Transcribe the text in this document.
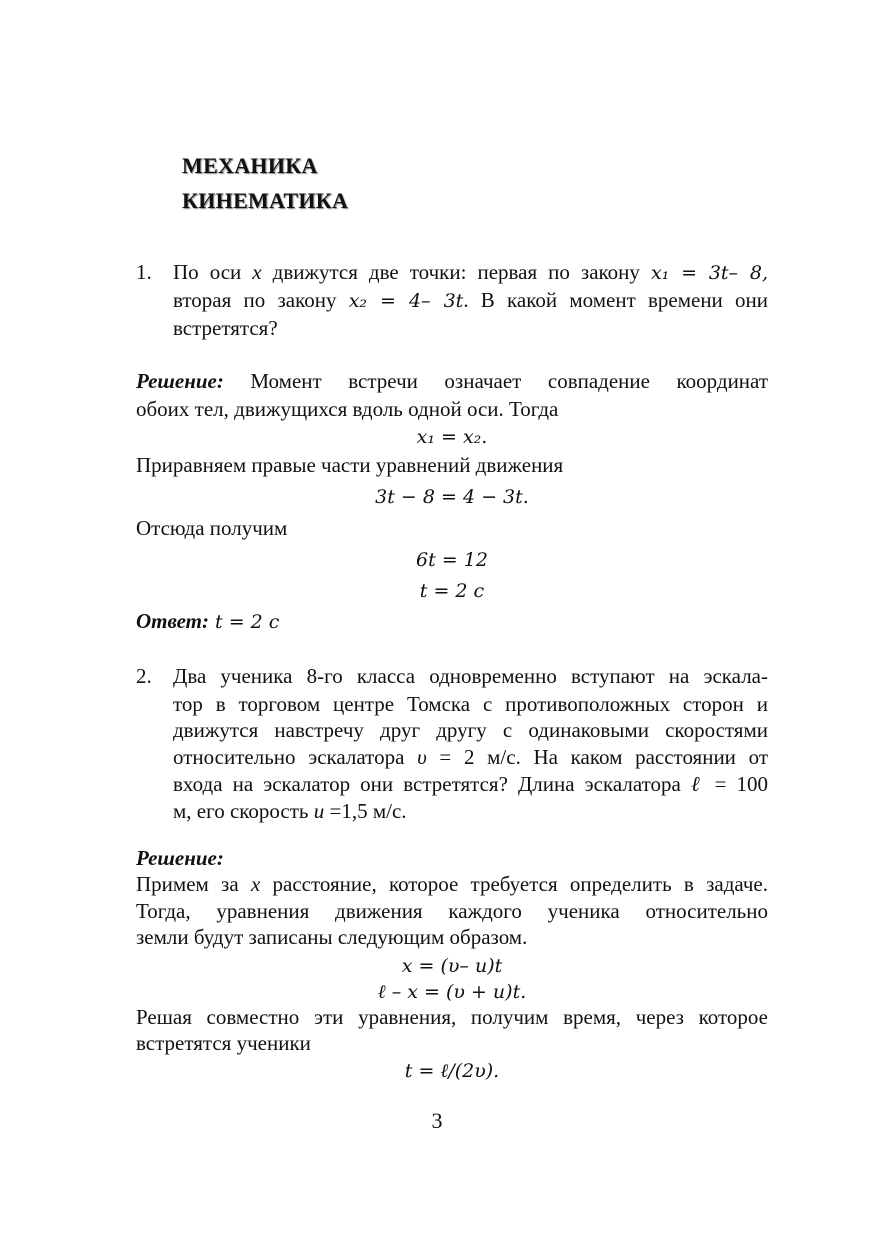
МЕХАНИКА
КИНЕМАТИКА
1. По оси x движутся две точки: первая по закону x₁ = 3t– 8,
вторая по закону x₂ = 4– 3t. В какой момент времени они
встретятся?
Решение: Момент встречи означает совпадение координат
обоих тел, движущихся вдоль одной оси. Тогда
x₁ = x₂.
Приравняем правые части уравнений движения
3t − 8 = 4 − 3t.
Отсюда получим
6t = 12
t = 2 c
Ответ: t = 2 c
2. Два ученика 8-го класса одновременно вступают на эскала-
тор в торговом центре Томска с противоположных сторон и
движутся навстречу друг другу с одинаковыми скоростями
относительно эскалатора υ = 2 м/с. На каком расстоянии от
входа на эскалатор они встретятся? Длина эскалатора ℓ = 100
м, его скорость u =1,5 м/с.
Решение:
Примем за x расстояние, которое требуется определить в задаче.
Тогда, уравнения движения каждого ученика относительно
земли будут записаны следующим образом.
x = (υ– u)t
ℓ – x = (υ + u)t.
Решая совместно эти уравнения, получим время, через которое
встретятся ученики
t = ℓ/(2υ).
3
